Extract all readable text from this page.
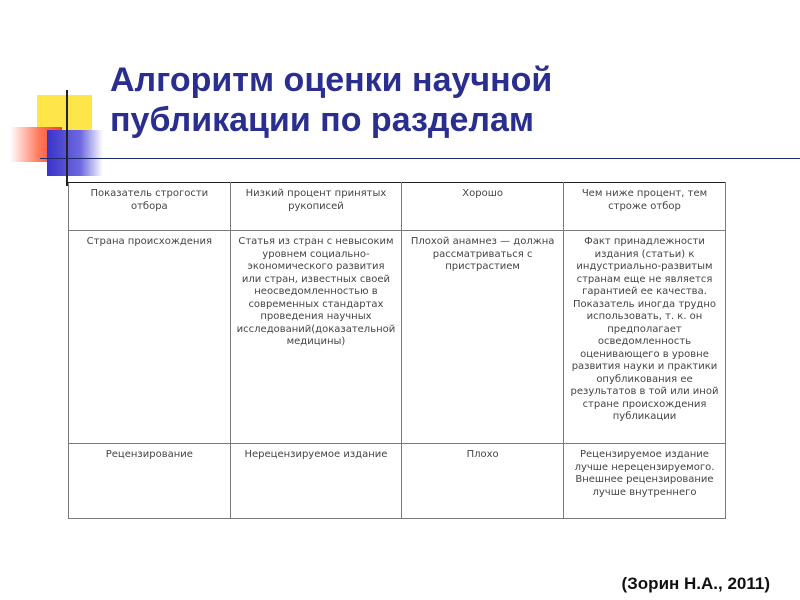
Алгоритм оценки научной
публикации по разделам
Показатель строгости отбора	Низкий процент принятых рукописей	Хорошо	Чем ниже процент, тем строже отбор
Страна происхождения	Статья из стран с невысоким уровнем социально-экономического развития или стран, известных своей неосведомленностью в современных стандартах проведения научных исследований(доказательной медицины)	Плохой анамнез — должна рассматриваться с пристрастием	Факт принадлежности издания (статьи) к индустриально-развитым странам еще не является гарантией ее качества. Показатель иногда трудно использовать, т. к. он предполагает осведомленность оценивающего в уровне развития науки и практики опубликования ее результатов в той или иной стране происхождения публикации
Рецензирование	Нерецензируемое издание	Плохо	Рецензируемое издание лучше нерецензируемого. Внешнее рецензирование лучше внутреннего

(Зорин Н.А., 2011)
